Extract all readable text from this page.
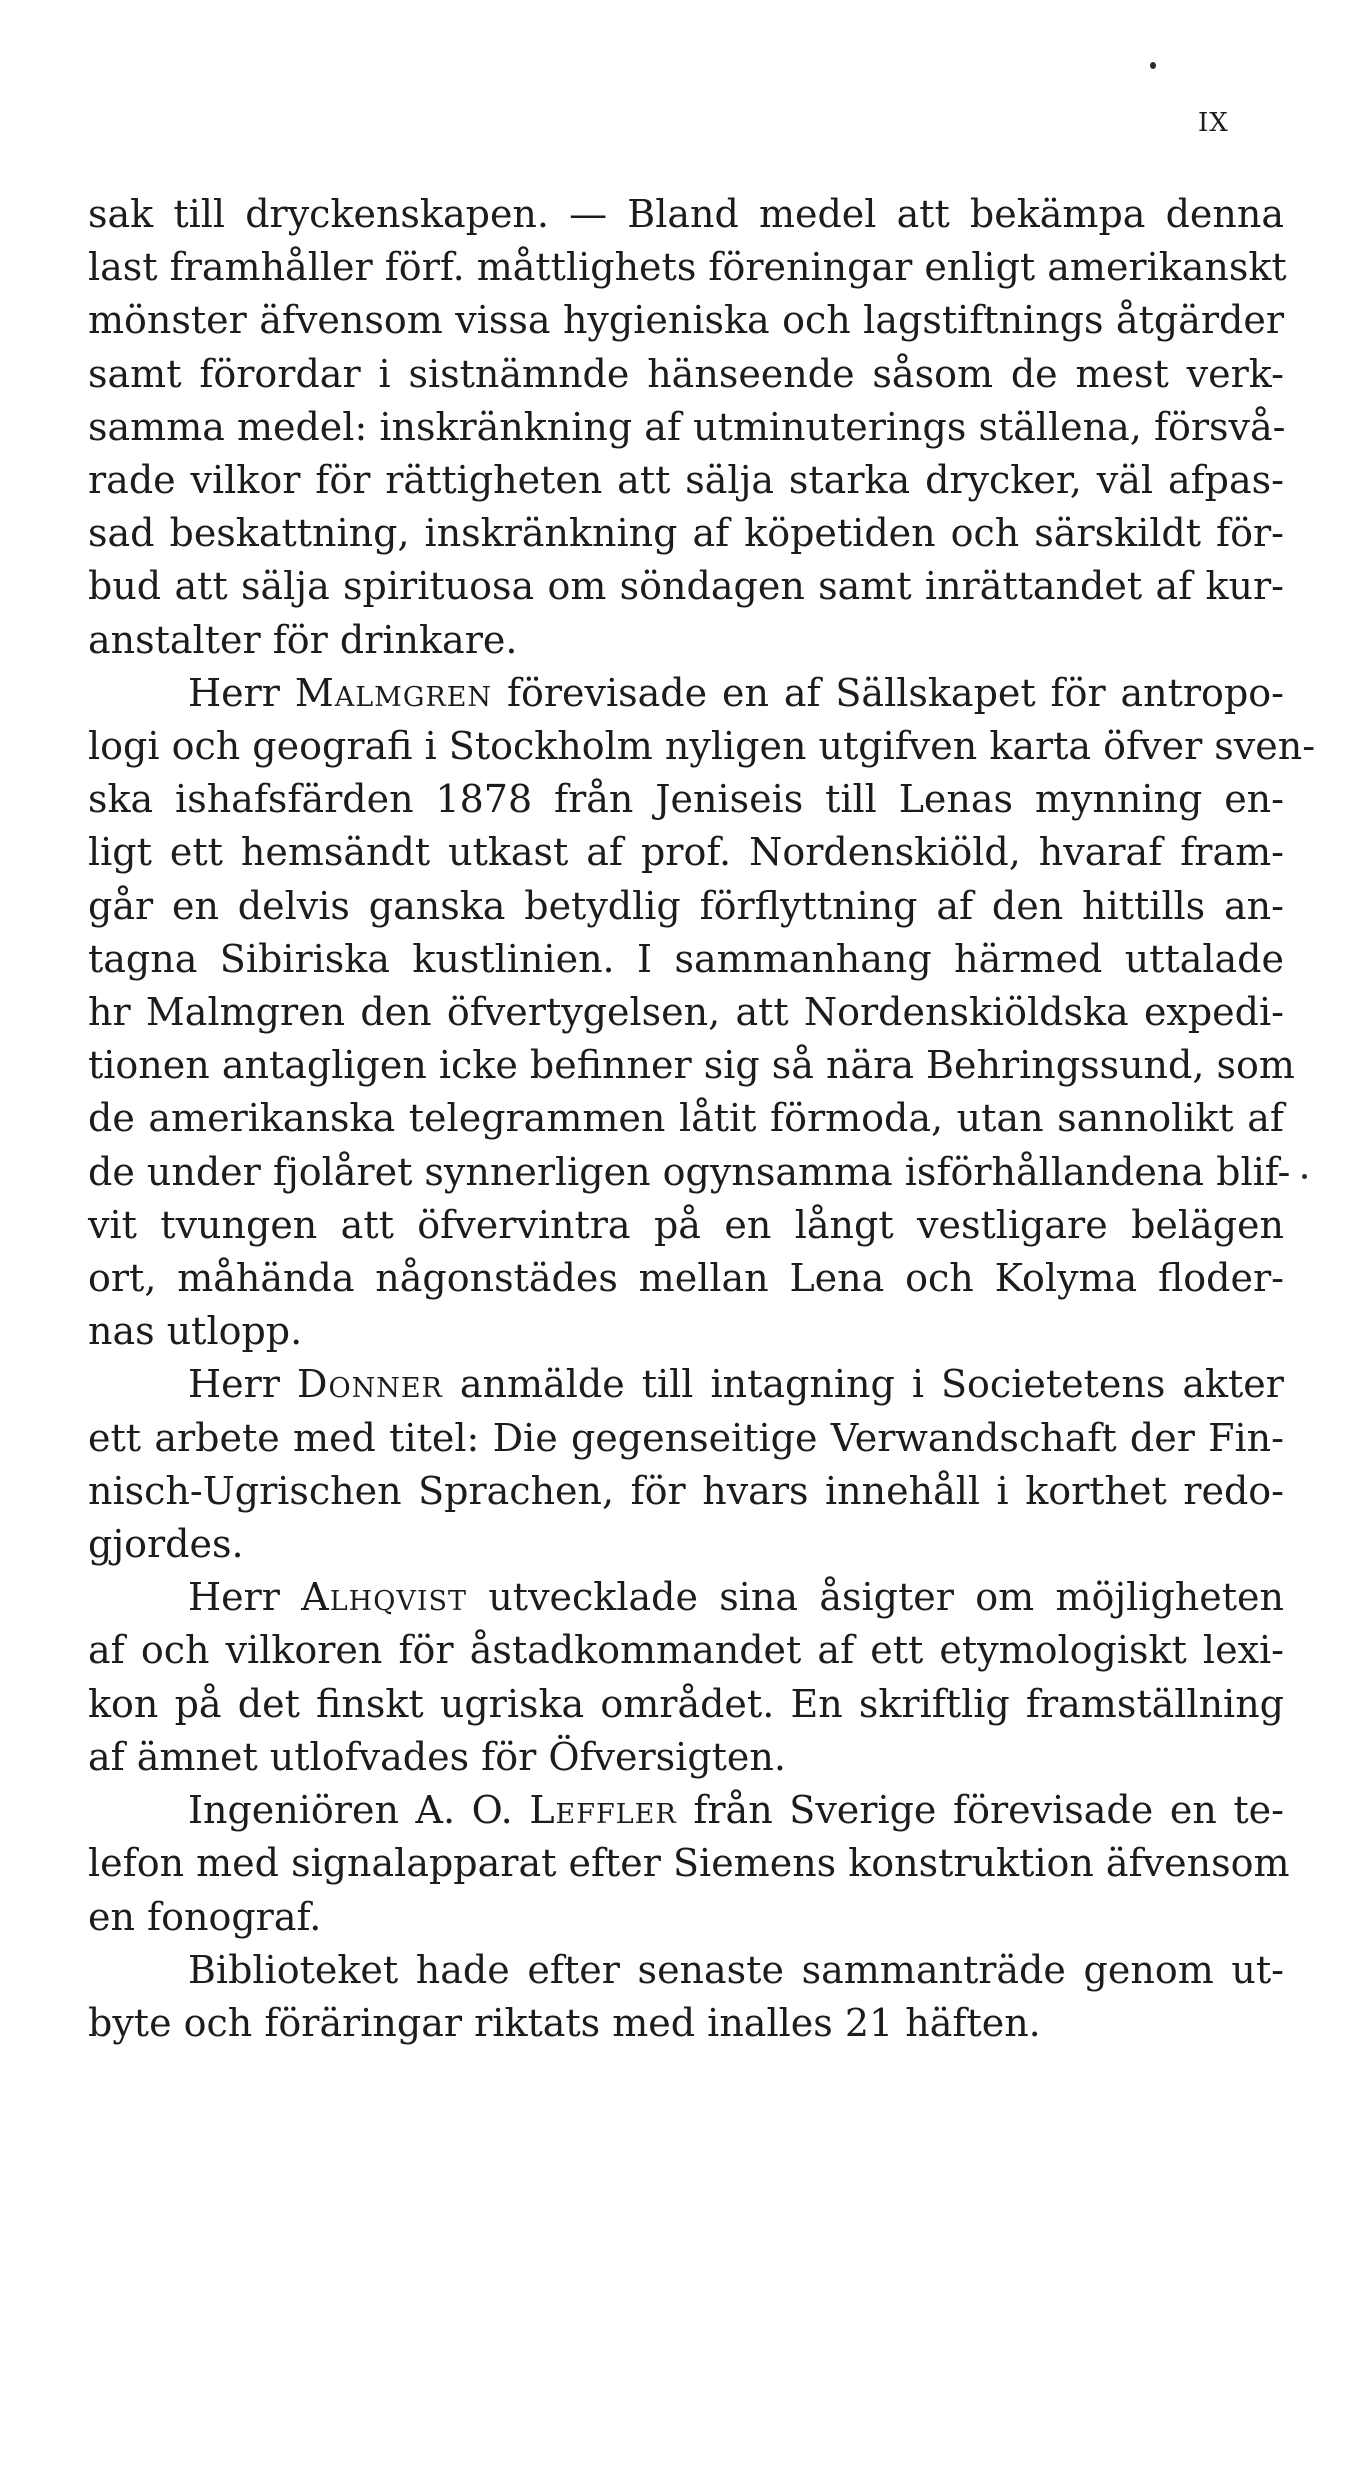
IX

sak till dryckenskapen. — Bland medel att bekämpa denna
last framhåller förf. måttlighets föreningar enligt amerikanskt
mönster äfvensom vissa hygieniska och lagstiftnings åtgärder
samt förordar i sistnämnde hänseende såsom de mest verk-
samma medel: inskränkning af utminuterings ställena, försvå-
rade vilkor för rättigheten att sälja starka drycker, väl afpas-
sad beskattning, inskränkning af köpetiden och särskildt för-
bud att sälja spirituosa om söndagen samt inrättandet af kur-
anstalter för drinkare.

Herr Malmgren förevisade en af Sällskapet för antropo-
logi och geografi i Stockholm nyligen utgifven karta öfver sven-
ska ishafsfärden 1878 från Jeniseis till Lenas mynning en-
ligt ett hemsändt utkast af prof. Nordenskiöld, hvaraf fram-
går en delvis ganska betydlig förflyttning af den hittills an-
tagna Sibiriska kustlinien. I sammanhang härmed uttalade
hr Malmgren den öfvertygelsen, att Nordenskiöldska expedi-
tionen antagligen icke befinner sig så nära Behringssund, som
de amerikanska telegrammen låtit förmoda, utan sannolikt af
de under fjolåret synnerligen ogynsamma isförhållandena blif-
vit tvungen att öfvervintra på en långt vestligare belägen
ort, måhända någonstädes mellan Lena och Kolyma floder-
nas utlopp.

Herr Donner anmälde till intagning i Societetens akter
ett arbete med titel: Die gegenseitige Verwandschaft der Fin-
nisch-Ugrischen Sprachen, för hvars innehåll i korthet redo-
gjordes.

Herr Alhqvist utvecklade sina åsigter om möjligheten
af och vilkoren för åstadkommandet af ett etymologiskt lexi-
kon på det finskt ugriska området. En skriftlig framställning
af ämnet utlofvades för Öfversigten.

Ingeniören A. O. Leffler från Sverige förevisade en te-
lefon med signalapparat efter Siemens konstruktion äfvensom
en fonograf.

Biblioteket hade efter senaste sammanträde genom ut-
byte och föräringar riktats med inalles 21 häften.
